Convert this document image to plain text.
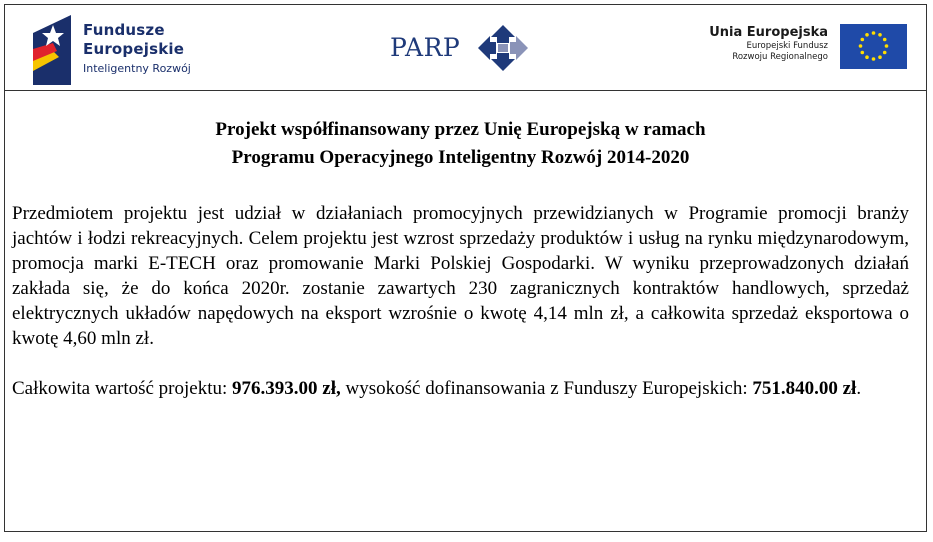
Fundusze
Europejskie
Inteligentny Rozwój
PARP
Unia Europejska
Europejski Fundusz
Rozwoju Regionalnego

Projekt współfinansowany przez Unię Europejską w ramach
Programu Operacyjnego Inteligentny Rozwój 2014-2020

Przedmiotem projektu jest udział w działaniach promocyjnych przewidzianych w Programie promocji branży jachtów i łodzi rekreacyjnych. Celem projektu jest wzrost sprzedaży produktów i usług na rynku międzynarodowym, promocja marki E-TECH oraz promowanie Marki Polskiej Gospodarki. W wyniku przeprowadzonych działań zakłada się, że do końca 2020r. zostanie zawartych 230 zagranicznych kontraktów handlowych, sprzedaż elektrycznych układów napędowych na eksport wzrośnie o kwotę 4,14 mln zł, a całkowita sprzedaż eksportowa o kwotę 4,60 mln zł.

Całkowita wartość projektu: 976.393.00 zł, wysokość dofinansowania z Funduszy Europejskich: 751.840.00 zł.
